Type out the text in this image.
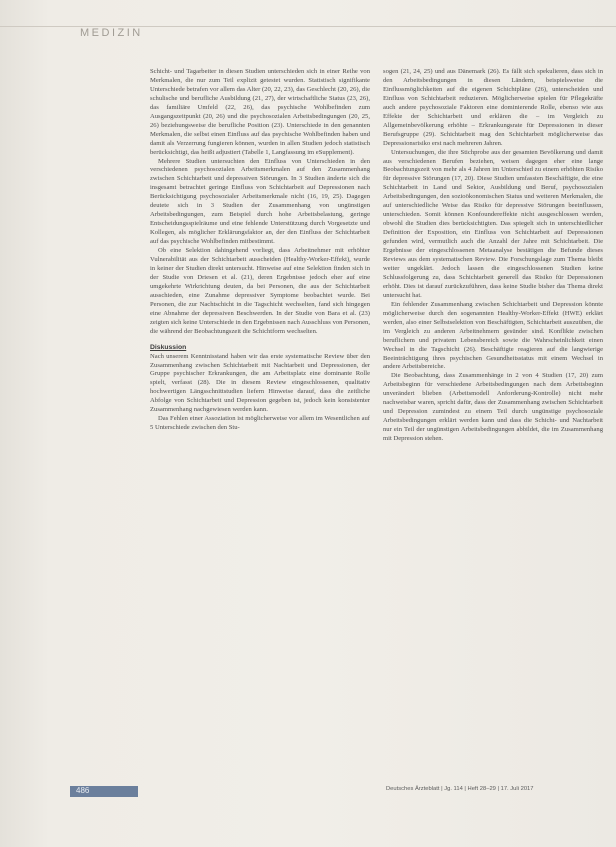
MEDIZIN

Schicht- und Tagarbeiter in diesen Studien unterschieden sich in einer Reihe von Merkmalen, die nur zum Teil explizit getestet wurden. Statistisch signifikante Unterschiede betrafen vor allem das Alter (20, 22, 23), das Geschlecht (20, 26), die schulische und berufliche Ausbildung (21, 27), der wirtschaftliche Status (23, 26), das familiäre Umfeld (22, 26), das psychische Wohlbefinden zum Ausgangszeitpunkt (20, 26) und die psychosozialen Arbeitsbedingungen (20, 25, 26) beziehungsweise die berufliche Position (23). Unterschiede in den genannten Merkmalen, die selbst einen Einfluss auf das psychische Wohlbefinden haben und damit als Verzerrung fungieren können, wurden in allen Studien jedoch statistisch berücksichtigt, das heißt adjustiert (Tabelle 1, Langfassung im eSupplement).

Mehrere Studien untersuchten den Einfluss von Unterschieden in den verschiedenen psychosozialen Arbeitsmerkmalen auf den Zusammenhang zwischen Schichtarbeit und depressiven Störungen. In 3 Studien änderte sich die insgesamt betrachtet geringe Einfluss von Schichtarbeit auf Depressionen nach Berücksichtigung psychosozialer Arbeitsmerkmale nicht (16, 19, 25). Dagegen deutete sich in 3 Studien der Zusammenhang von ungünstigen Arbeitsbedingungen, zum Beispiel durch hohe Arbeitsbelastung, geringe Entscheidungsspielräume und eine fehlende Unterstützung durch Vorgesetzte und Kollegen, als möglicher Erklärungsfaktor an, der den Einfluss der Schichtarbeit auf das psychische Wohlbefinden mitbestimmt.

Ob eine Selektion dahingehend vorliegt, dass Arbeitnehmer mit erhöhter Vulnerabilität aus der Schichtarbeit ausscheiden (Healthy-Worker-Effekt), wurde in keiner der Studien direkt untersucht. Hinweise auf eine Selektion finden sich in der Studie von Driesen et al. (21), deren Ergebnisse jedoch eher auf eine umgekehrte Wirkrichtung deuten, da bei Personen, die aus der Schichtarbeit ausschieden, eine Zunahme depressiver Symptome beobachtet wurde. Bei Personen, die zur Nachtschicht in die Tagschicht wechselten, fand sich hingegen eine Abnahme der depressiven Beschwerden. In der Studie von Bara et al. (23) zeigten sich keine Unterschiede in den Ergebnissen nach Ausschluss von Personen, die während der Beobachtungszeit die Schichtform wechselten.

Diskussion

Nach unserem Kenntnisstand haben wir das erste systematische Review über den Zusammenhang zwischen Schichtarbeit mit Nachtarbeit und Depressionen, der Gruppe psychischer Erkrankungen, die am Arbeitsplatz eine dominante Rolle spielt, verfasst (28). Die in diesem Review eingeschlossenen, qualitativ hochwertigen Längsschnittstudien liefern Hinweise darauf, dass die zeitliche Abfolge von Schichtarbeit und Depression gegeben ist, jedoch kein konsistenter Zusammenhang nachgewiesen werden kann.

Das Fehlen einer Assoziation ist möglicherweise vor allem im Wesentlichen auf 5 Unterschiede zwischen den Stu-

sogen (21, 24, 25) und aus Dänemark (26). Es fällt sich spekulieren, dass sich in den Arbeitsbedingungen in diesen Ländern, beispielsweise die Einflussmöglichkeiten auf die eigenen Schichtpläne (26), unterscheiden und Einfluss von Schichtarbeit reduzieren. Möglicherweise spielen für Pflegekräfte auch andere psychosoziale Faktoren eine dominierende Rolle, ebenso wie aus Effekte der Schichtarbeit und erklären die – im Vergleich zu Allgemeinbevölkerung erhöhte – Erkrankungsrate für Depressionen in dieser Berufsgruppe (29). Schichtarbeit mag den Schichtarbeit möglicherweise das Depressionsrisiko erst nach mehreren Jahren.

Untersuchungen, die ihre Stichprobe aus der gesamten Bevölkerung und damit aus verschiedenen Berufen beziehen, weisen dagegen eher eine lange Beobachtungszeit von mehr als 4 Jahren im Unterschied zu einem erhöhten Risiko für depressive Störungen (17, 20). Diese Studien umfassten Beschäftigte, die eine Schichtarbeit in Land und Sektor, Ausbildung und Beruf, psychosozialen Arbeitsbedingungen, den sozioökonomischen Status und weiteren Merkmalen, die auf unterschiedliche Weise das Risiko für depressive Störungen beeinflussen, unterschieden. Somit können Konfoundereffekte nicht ausgeschlossen werden, obwohl die Studien dies berücksichtigten. Das spiegelt sich in unterschiedlicher Definition der Exposition, ein Einfluss von Schichtarbeit auf Depressionen gefunden wird, vermutlich auch die Anzahl der Jahre mit Schichtarbeit. Die Ergebnisse der eingeschlossenen Metaanalyse bestätigen die Befunde dieses Reviews aus dem systematischen Review. Die Forschungslage zum Thema bleibt weiter ungeklärt. Jedoch lassen die eingeschlossenen Studien keine Schlussfolgerung zu, dass Schichtarbeit generell das Risiko für Depressionen erhöht. Dies ist darauf zurückzuführen, dass keine Studie bisher das Thema direkt untersucht hat.

Ein fehlender Zusammenhang zwischen Schichtarbeit und Depression könnte möglicherweise durch den sogenannten Healthy-Worker-Effekt (HWE) erklärt werden, also einer Selbstselektion von Beschäftigten, Schichtarbeit auszuüben, die im Vergleich zu anderen Arbeitnehmern gesünder sind. Konflikte zwischen beruflichem und privatem Lebensbereich sowie die Wahrscheinlichkeit einen Wechsel in die Tagschicht (26). Beschäftigte reagieren auf die langwierige Beeinträchtigung ihres psychischen Gesundheitsstatus mit einem Wechsel in andere Arbeitsbereiche.

Die Beobachtung, dass Zusammenhänge in 2 von 4 Studien (17, 20) zum Arbeitsbeginn für verschiedene Arbeitsbedingungen nach dem Arbeitsbeginn unverändert blieben (Arbeitsmodell Anforderung-Kontrolle) nicht mehr nachweisbar waren, spricht dafür, dass der Zusammenhang zwischen Schichtarbeit und Depression zumindest zu einem Teil durch ungünstige psychosoziale Arbeitsbedingungen erklärt werden kann und dass die Schicht- und Nachtarbeit nur ein Teil der ungünstigen Arbeitsbedingungen abbildet, die im Zusammenhang mit Depression stehen.

486	Deutsches Ärzteblatt | Jg. 114 | Heft 28–29 | 17. Juli 2017
